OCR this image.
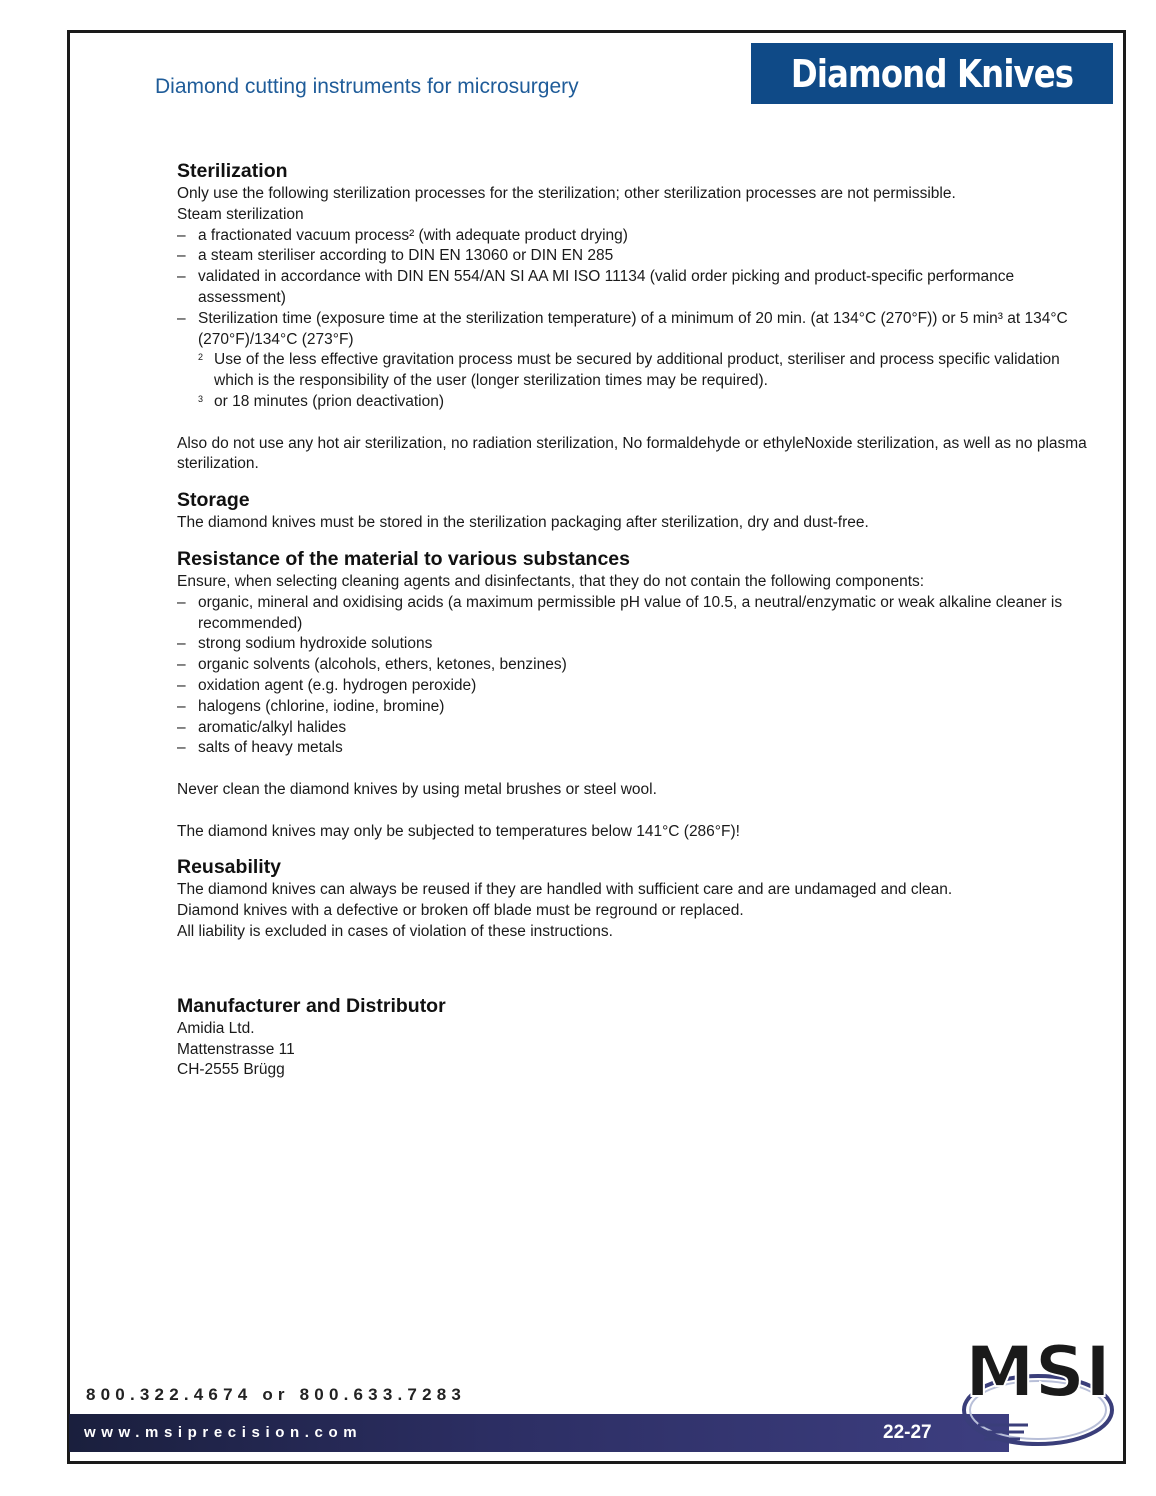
Diamond cutting instruments for microsurgery	Diamond Knives
Sterilization

Only use the following sterilization processes for the sterilization; other sterilization processes are not permissible.

Steam sterilization

– a fractionated vacuum process² (with adequate product drying)
– a steam steriliser according to DIN EN 13060 or DIN EN 285
– validated in accordance with DIN EN 554/AN SI AA MI ISO 11134 (valid order picking and product-specific performance assessment)
– Sterilization time (exposure time at the sterilization temperature) of a minimum of 20 min. (at 134°C (270°F)) or 5 min³ at 134°C (270°F)/134°C (273°F)
2 Use of the less effective gravitation process must be secured by additional product, steriliser and process specific validation which is the responsibility of the user (longer sterilization times may be required).
3 or 18 minutes (prion deactivation)

Also do not use any hot air sterilization, no radiation sterilization, No formaldehyde or ethyleNoxide sterilization, as well as no plasma sterilization.

Storage

The diamond knives must be stored in the sterilization packaging after sterilization, dry and dust-free.

Resistance of the material to various substances

Ensure, when selecting cleaning agents and disinfectants, that they do not contain the following components:

– organic, mineral and oxidising acids (a maximum permissible pH value of 10.5, a neutral/enzymatic or weak alkaline cleaner is recommended)
– strong sodium hydroxide solutions
– organic solvents (alcohols, ethers, ketones, benzines)
– oxidation agent (e.g. hydrogen peroxide)
– halogens (chlorine, iodine, bromine)
– aromatic/alkyl halides
– salts of heavy metals

Never clean the diamond knives by using metal brushes or steel wool.

The diamond knives may only be subjected to temperatures below 141°C (286°F)!

Reusability

The diamond knives can always be reused if they are handled with sufficient care and are undamaged and clean.

Diamond knives with a defective or broken off blade must be reground or replaced.

All liability is excluded in cases of violation of these instructions.

Manufacturer and Distributor

Amidia Ltd.

Mattenstrasse 11

CH-2555 Brügg

800.322.4674 or 800.633.7283
www.msiprecision.com	22-27
MSI
